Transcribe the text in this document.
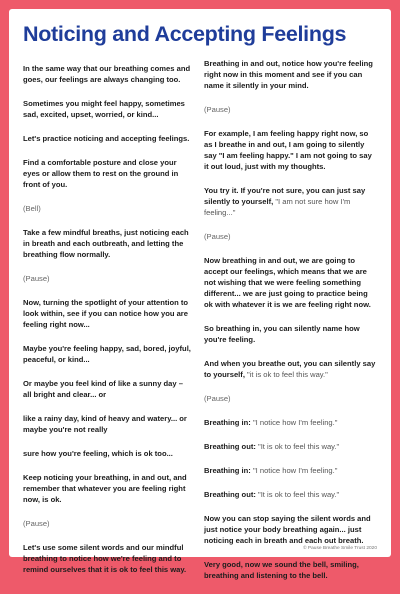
Noticing and Accepting Feelings

In the same way that our breathing comes and goes, our feelings are always changing too.

Sometimes you might feel happy, sometimes sad, excited, upset, worried, or kind...

Let's practice noticing and accepting feelings.

Find a comfortable posture and close your eyes or allow them to rest on the ground in front of you.

(Bell)

Take a few mindful breaths, just noticing each in breath and each outbreath, and letting the breathing flow normally.

(Pause)

Now, turning the spotlight of your attention to look within, see if you can notice how you are feeling right now...

Maybe you're feeling happy, sad, bored, joyful, peaceful, or kind...

Or maybe you feel kind of like a sunny day – all bright and clear... or

like a rainy day, kind of heavy and watery... or maybe you're not really

sure how you're feeling, which is ok too...

Keep noticing your breathing, in and out, and remember that whatever you are feeling right now, is ok.

(Pause)

Let's use some silent words and our mindful breathing to notice how we're feeling and to remind ourselves that it is ok to feel this way.

Breathing in and out, notice how you're feeling right now in this moment and see if you can name it silently in your mind.

(Pause)

For example, I am feeling happy right now, so as I breathe in and out, I am going to silently say "I am feeling happy." I am not going to say it out loud, just with my thoughts.

You try it. If you're not sure, you can just say silently to yourself, "I am not sure how I'm feeling..."

(Pause)

Now breathing in and out, we are going to accept our feelings, which means that we are not wishing that we were feeling something different... we are just going to practice being ok with whatever it is we are feeling right now.

So breathing in, you can silently name how you're feeling.

And when you breathe out, you can silently say to yourself, "it is ok to feel this way."

(Pause)

Breathing in: "I notice how I'm feeling."

Breathing out: "It is ok to feel this way."

Breathing in: "I notice how I'm feeling."

Breathing out: "It is ok to feel this way."

Now you can stop saying the silent words and just notice your body breathing again... just noticing each in breath and each out breath.

Very good, now we sound the bell, smiling, breathing and listening to the bell.

© Pause Breathe Smile Trust 2020
